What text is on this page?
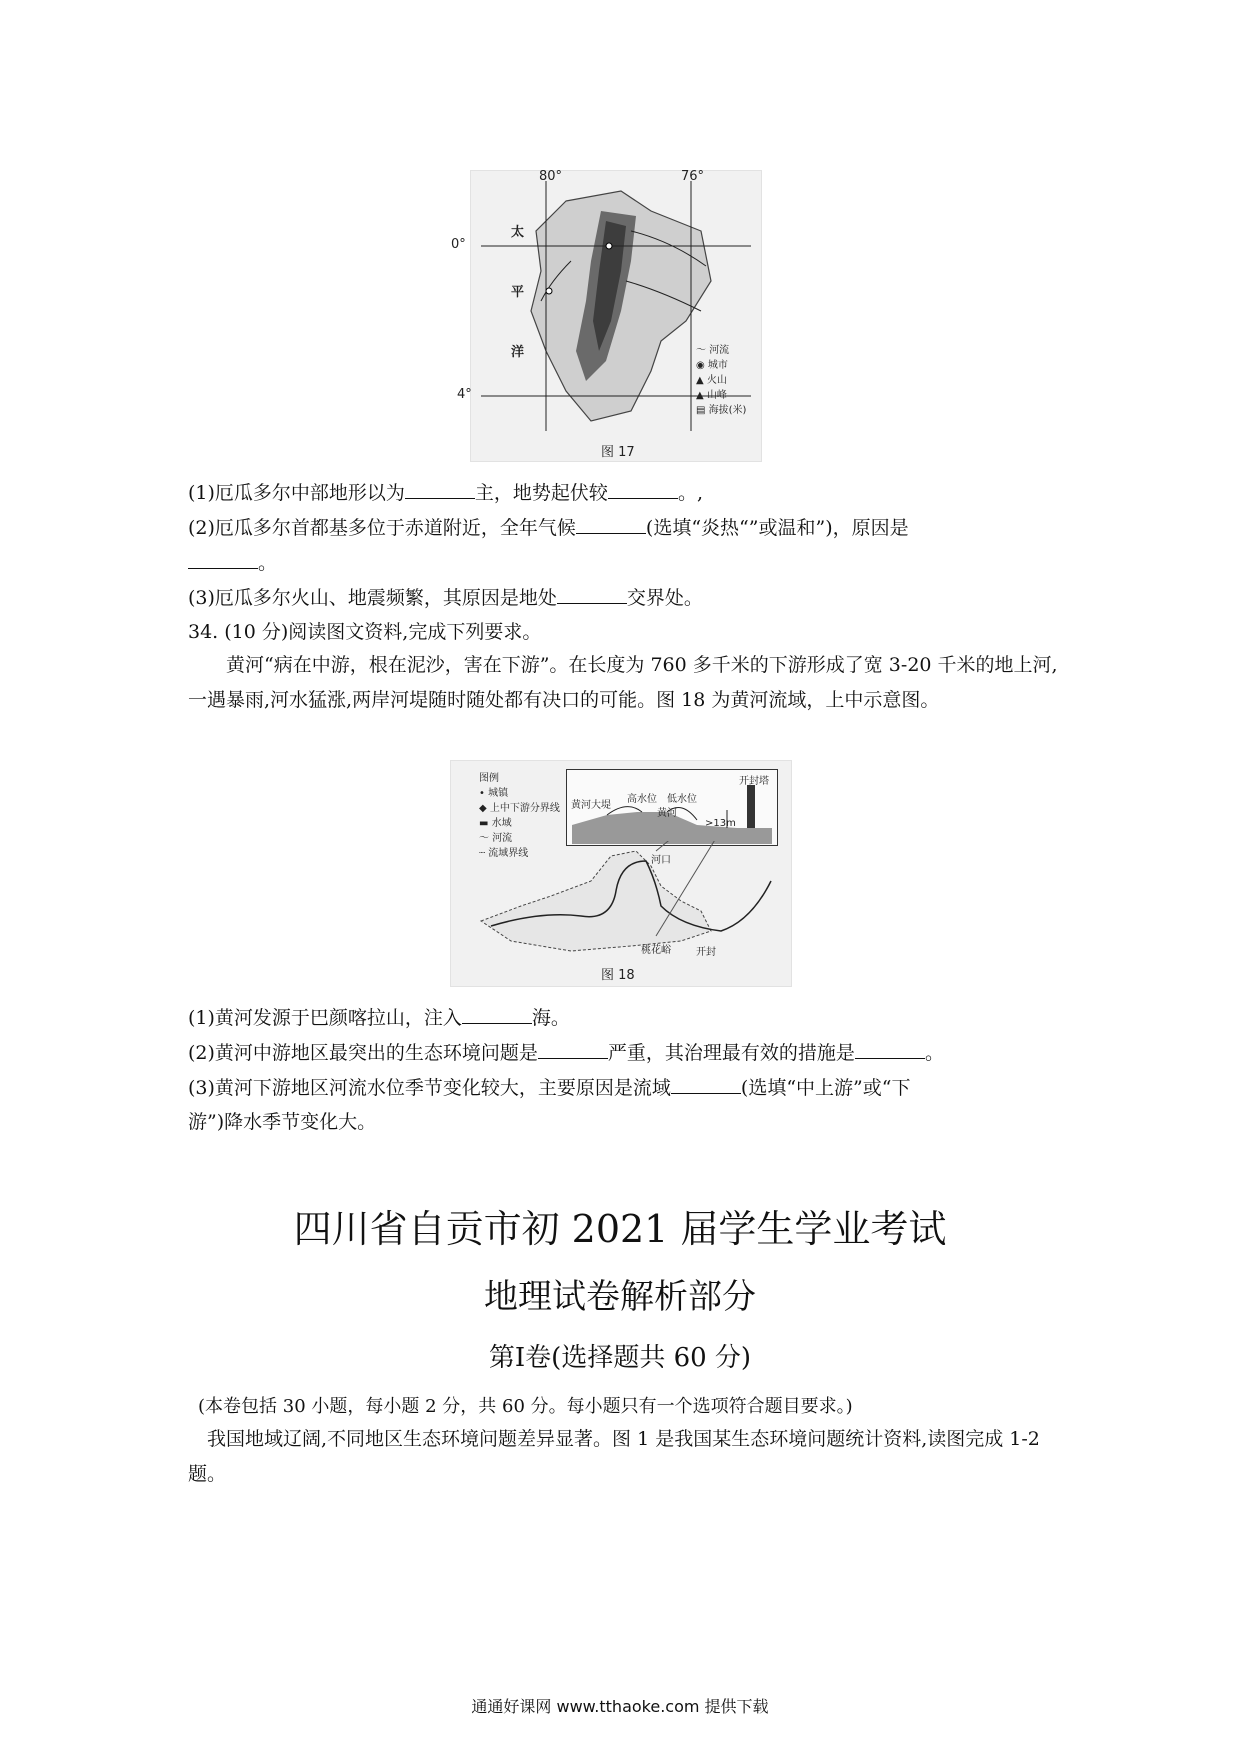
80°	76°
0°
4°
太
平
洋	〜 河流
◉ 城市
▲ 火山
▲ 山峰
▤ 海拔(米)
图 17
(1)厄瓜多尔中部地形以为	主，地势起伏较	。,
(2)厄瓜多尔首都基多位于赤道附近，全年气候	(选填“炎热“”或温和”)，原因是
。
(3)厄瓜多尔火山、地震频繁，其原因是地处	交界处。
34. (10 分)阅读图文资料,完成下列要求。
黄河“病在中游，根在泥沙，害在下游”。在长度为 760 多千米的下游形成了宽 3-20 千米的地上河,一遇暴雨,河水猛涨,两岸河堤随时随处都有决口的可能。图 18 为黄河流域，上中示意图。
图例
• 城镇
◆ 上中下游分界线
▬ 水域
〜 河流
┈ 流域界线
高水位 低水位
黄河
黄河大堤
开封塔
>13m
河口
桃花峪	开封
图 18
(1)黄河发源于巴颜喀拉山，注入	海。
(2)黄河中游地区最突出的生态环境问题是	严重，其治理最有效的措施是	。
(3)黄河下游地区河流水位季节变化较大，主要原因是流域	(选填“中上游”或“下
游”)降水季节变化大。
四川省自贡市初 2021 届学生学业考试
地理试卷解析部分
第Ⅰ卷(选择题共 60 分)
(本卷包括 30 小题，每小题 2 分，共 60 分。每小题只有一个选项符合题目要求。)
我国地域辽阔,不同地区生态环境问题差异显著。图 1 是我国某生态环境问题统计资料,读图完成 1-2 题。
通通好课网 www.tthaoke.com 提供下载
